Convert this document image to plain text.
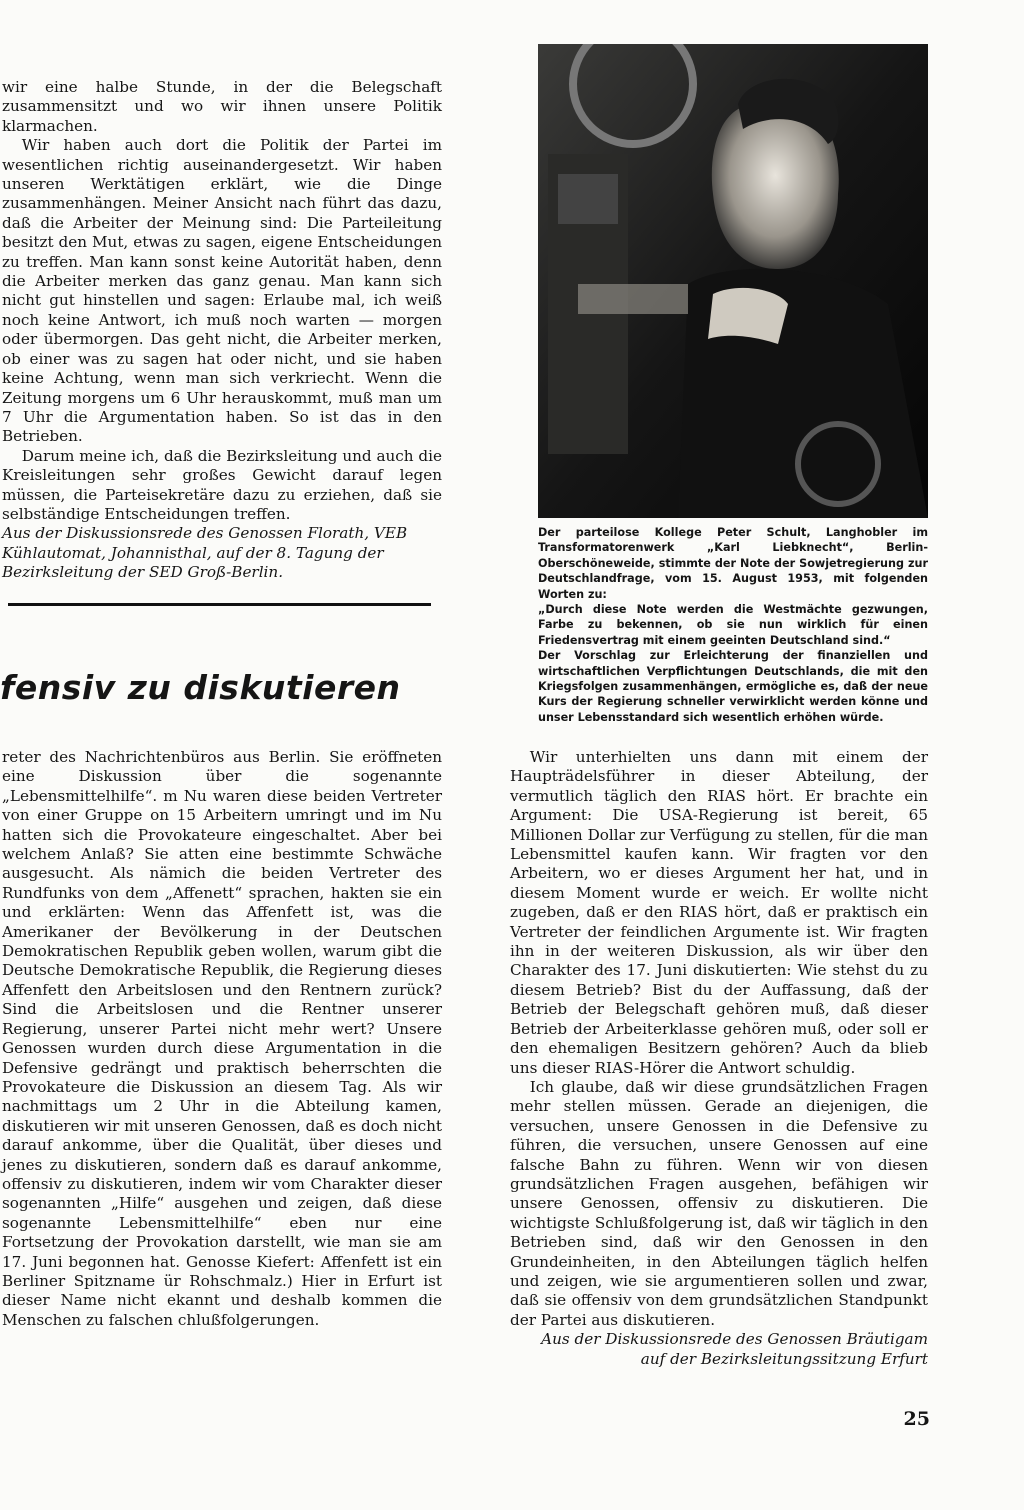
wir eine halbe Stunde, in der die Belegschaft zusammensitzt und wo wir ihnen unsere Politik klarmachen.

Wir haben auch dort die Politik der Partei im wesentlichen richtig auseinandergesetzt. Wir haben unseren Werktätigen erklärt, wie die Dinge zusammenhängen. Meiner Ansicht nach führt das dazu, daß die Arbeiter der Meinung sind: Die Parteileitung besitzt den Mut, etwas zu sagen, eigene Entscheidungen zu treffen. Man kann sonst keine Autorität haben, denn die Arbeiter merken das ganz genau. Man kann sich nicht gut hinstellen und sagen: Erlaube mal, ich weiß noch keine Antwort, ich muß noch warten — morgen oder übermorgen. Das geht nicht, die Arbeiter merken, ob einer was zu sagen hat oder nicht, und sie haben keine Achtung, wenn man sich verkriecht. Wenn die Zeitung morgens um 6 Uhr herauskommt, muß man um 7 Uhr die Argumentation haben. So ist das in den Betrieben.

Darum meine ich, daß die Bezirksleitung und auch die Kreisleitungen sehr großes Gewicht darauf legen müssen, die Parteisekretäre dazu zu erziehen, daß sie selbständige Entscheidungen treffen.

Aus der Diskussionsrede des Genossen Florath, VEB Kühlautomat, Johannisthal, auf der 8. Tagung der Bezirksleitung der SED Groß-Berlin.

Der parteilose Kollege Peter Schult, Langhobler im Transformatorenwerk „Karl Liebknecht“, Berlin-Oberschöneweide, stimmte der Note der Sowjetregierung zur Deutschlandfrage, vom 15. August 1953, mit folgenden Worten zu:

„Durch diese Note werden die Westmächte gezwungen, Farbe zu bekennen, ob sie nun wirklich für einen Friedensvertrag mit einem geeinten Deutschland sind.“

Der Vorschlag zur Erleichterung der finanziellen und wirtschaftlichen Verpflichtungen Deutschlands, die mit den Kriegsfolgen zusammenhängen, ermögliche es, daß der neue Kurs der Regierung schneller verwirklicht werden könne und unser Lebensstandard sich wesentlich erhöhen würde.

fensiv zu diskutieren

reter des Nachrichtenbüros aus Berlin. Sie eröffneten eine Diskussion über die sogenannte „Lebensmittelhilfe“. m Nu waren diese beiden Vertreter von einer Gruppe on 15 Arbeitern umringt und im Nu hatten sich die Provokateure eingeschaltet. Aber bei welchem Anlaß? Sie atten eine bestimmte Schwäche ausgesucht. Als nämich die beiden Vertreter des Rundfunks von dem „Affenett“ sprachen, hakten sie ein und erklärten: Wenn das Affenfett ist, was die Amerikaner der Bevölkerung in der Deutschen Demokratischen Republik geben wollen, warum gibt die Deutsche Demokratische Republik, die Regierung dieses Affenfett den Arbeitslosen und den Rentnern zurück? Sind die Arbeitslosen und die Rentner unserer Regierung, unserer Partei nicht mehr wert? Unsere Genossen wurden durch diese Argumentation in die Defensive gedrängt und praktisch beherrschten die Provokateure die Diskussion an diesem Tag. Als wir nachmittags um 2 Uhr in die Abteilung kamen, diskutieren wir mit unseren Genossen, daß es doch nicht darauf ankomme, über die Qualität, über dieses und jenes zu diskutieren, sondern daß es darauf ankomme, offensiv zu diskutieren, indem wir vom Charakter dieser sogenannten „Hilfe“ ausgehen und zeigen, daß diese sogenannte Lebensmittelhilfe“ eben nur eine Fortsetzung der Provokation darstellt, wie man sie am 17. Juni begonnen hat. Genosse Kiefert: Affenfett ist ein Berliner Spitzname ür Rohschmalz.) Hier in Erfurt ist dieser Name nicht ekannt und deshalb kommen die Menschen zu falschen chlußfolgerungen.

Wir unterhielten uns dann mit einem der Haupträdelsführer in dieser Abteilung, der vermutlich täglich den RIAS hört. Er brachte ein Argument: Die USA-Regierung ist bereit, 65 Millionen Dollar zur Verfügung zu stellen, für die man Lebensmittel kaufen kann. Wir fragten vor den Arbeitern, wo er dieses Argument her hat, und in diesem Moment wurde er weich. Er wollte nicht zugeben, daß er den RIAS hört, daß er praktisch ein Vertreter der feindlichen Argumente ist. Wir fragten ihn in der weiteren Diskussion, als wir über den Charakter des 17. Juni diskutierten: Wie stehst du zu diesem Betrieb? Bist du der Auffassung, daß der Betrieb der Belegschaft gehören muß, daß dieser Betrieb der Arbeiterklasse gehören muß, oder soll er den ehemaligen Besitzern gehören? Auch da blieb uns dieser RIAS-Hörer die Antwort schuldig.

Ich glaube, daß wir diese grundsätzlichen Fragen mehr stellen müssen. Gerade an diejenigen, die versuchen, unsere Genossen in die Defensive zu führen, die versuchen, unsere Genossen auf eine falsche Bahn zu führen. Wenn wir von diesen grundsätzlichen Fragen ausgehen, befähigen wir unsere Genossen, offensiv zu diskutieren. Die wichtigste Schlußfolgerung ist, daß wir täglich in den Betrieben sind, daß wir den Genossen in den Grundeinheiten, in den Abteilungen täglich helfen und zeigen, wie sie argumentieren sollen und zwar, daß sie offensiv von dem grundsätzlichen Standpunkt der Partei aus diskutieren.

Aus der Diskussionsrede des Genossen Bräutigam

auf der Bezirksleitungssitzung Erfurt

25
